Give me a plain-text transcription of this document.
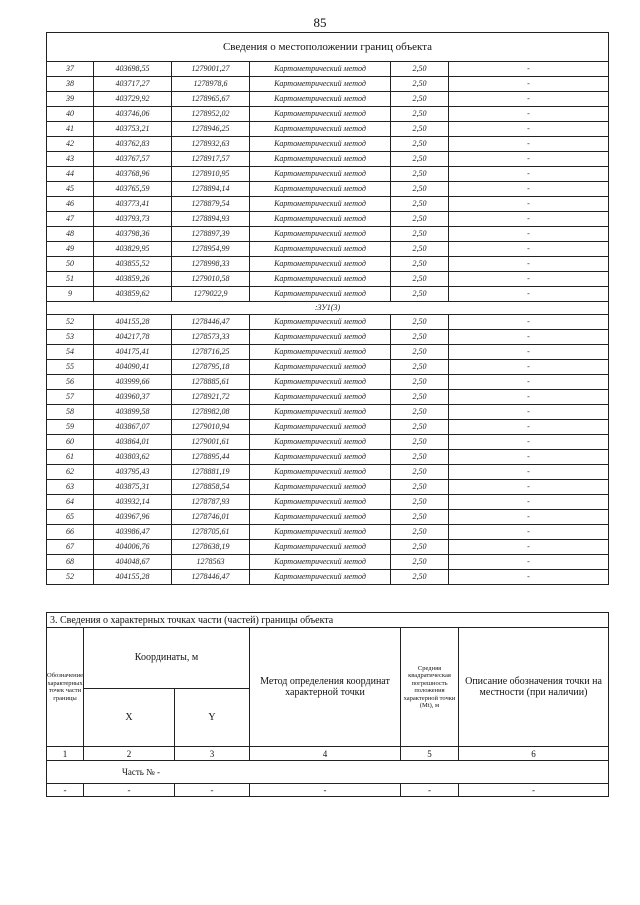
85
Сведения о местоположении границ объекта					
37	403698,55	1279001,27	Картометрический метод	2,50	-
38	403717,27	1278978,6	Картометрический метод	2,50	-
39	403729,92	1278965,67	Картометрический метод	2,50	-
40	403746,06	1278952,02	Картометрический метод	2,50	-
41	403753,21	1278946,25	Картометрический метод	2,50	-
42	403762,83	1278932,63	Картометрический метод	2,50	-
43	403767,57	1278917,57	Картометрический метод	2,50	-
44	403768,96	1278910,95	Картометрический метод	2,50	-
45	403765,59	1278894,14	Картометрический метод	2,50	-
46	403773,41	1278879,54	Картометрический метод	2,50	-
47	403793,73	1278894,93	Картометрический метод	2,50	-
48	403798,36	1278897,39	Картометрический метод	2,50	-
49	403829,95	1278954,99	Картометрический метод	2,50	-
50	403855,52	1278998,33	Картометрический метод	2,50	-
51	403859,26	1279010,58	Картометрический метод	2,50	-
9	403859,62	1279022,9	Картометрический метод	2,50	-
:ЗУ1(3)					
52	404155,28	1278446,47	Картометрический метод	2,50	-
53	404217,78	1278573,33	Картометрический метод	2,50	-
54	404175,41	1278716,25	Картометрический метод	2,50	-
55	404090,41	1278795,18	Картометрический метод	2,50	-
56	403999,66	1278885,61	Картометрический метод	2,50	-
57	403960,37	1278921,72	Картометрический метод	2,50	-
58	403899,58	1278982,08	Картометрический метод	2,50	-
59	403867,07	1279010,94	Картометрический метод	2,50	-
60	403864,01	1279001,61	Картометрический метод	2,50	-
61	403803,62	1278895,44	Картометрический метод	2,50	-
62	403795,43	1278881,19	Картометрический метод	2,50	-
63	403875,31	1278858,54	Картометрический метод	2,50	-
64	403932,14	1278787,93	Картометрический метод	2,50	-
65	403967,96	1278746,01	Картометрический метод	2,50	-
66	403986,47	1278705,61	Картометрический метод	2,50	-
67	404006,76	1278638,19	Картометрический метод	2,50	-
68	404048,67	1278563	Картометрический метод	2,50	-
52	404155,28	1278446,47	Картометрический метод	2,50	-
3. Сведения о характерных точках части (частей) границы объекта					
Обозначение характерных точек части границы	Координаты, м		Метод определения координат характерной точки	Средняя квадратическая погрешность положения характерной точки (Mt), м	Описание обозначения точки на местности (при наличии)
	X	Y			
1	2	3	4	5	6
Часть № -					
-	-	-	-	-	-
